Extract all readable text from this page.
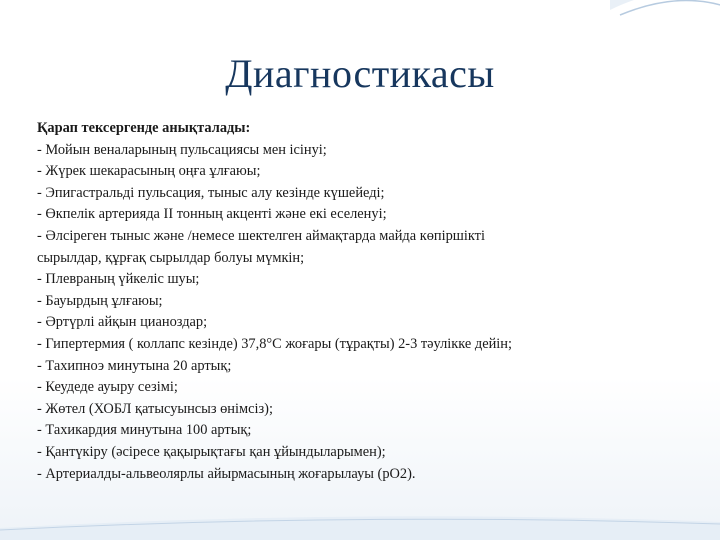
Диагностикасы
Қарап тексергенде анықталады:
- Мойын веналарының пульсациясы мен ісінуі;
- Жүрек шекарасының оңға ұлғаюы;
- Эпигастральді пульсация, тыныс алу кезінде күшейеді;
- Өкпелік артерияда II тонның акценті және екі еселенуі;
- Әлсіреген тыныс және /немесе шектелген аймақтарда майда көпіршікті
сырылдар, құрғақ сырылдар болуы мүмкін;
- Плевраның үйкеліс шуы;
- Бауырдың ұлғаюы;
- Әртүрлі айқын цианоздар;
- Гипертермия ( коллапс кезінде) 37,8°С жоғары (тұрақты) 2-3 тәулікке дейін;
- Тахипноэ минутына 20 артық;
- Кеудеде ауыру сезімі;
- Жөтел (ХОБЛ қатысуынсыз өнімсіз);
- Тахикардия минутына 100 артық;
- Қантүкіру (әсіресе қақырықтағы қан ұйындыларымен);
- Артериалды-альвеолярлы айырмасының жоғарылауы (рО2).
